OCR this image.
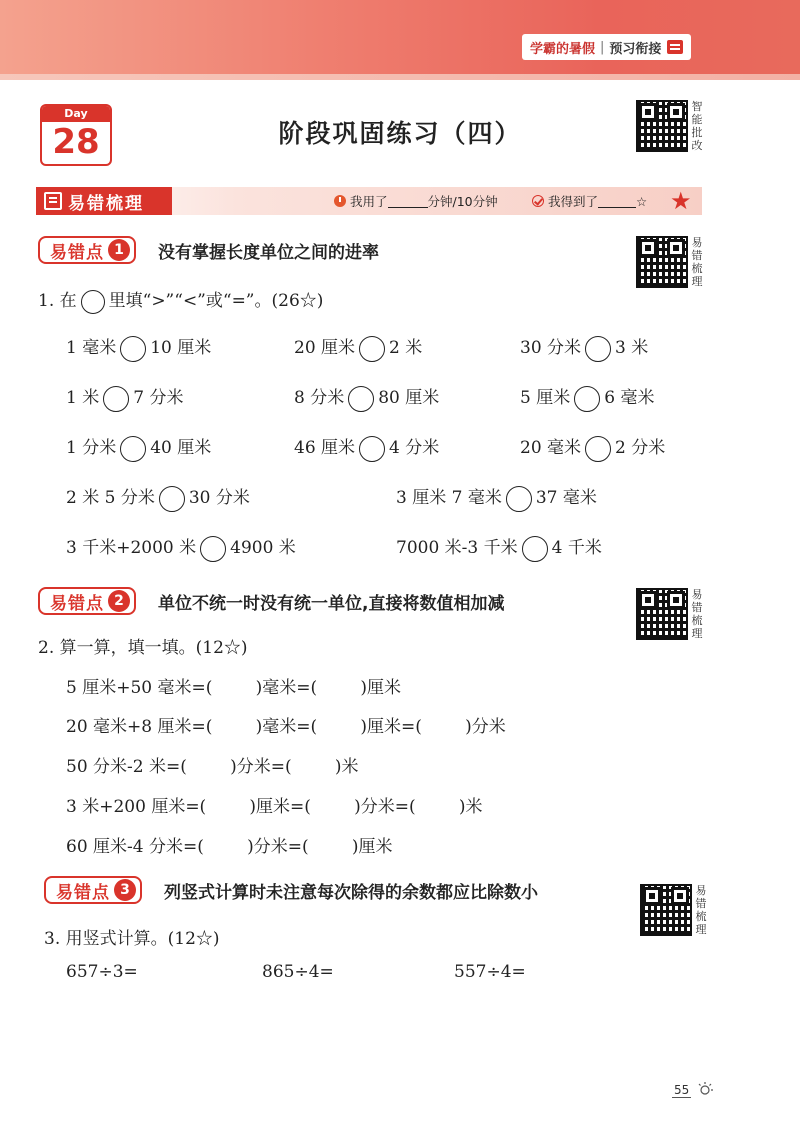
学霸的暑假 | 预习衔接
Day
28	阶段巩固练习（四）
智
能
批
改
易错梳理	我用了	分钟/10分钟	我得到了	☆ ★
易错点 1	没有掌握长度单位之间的进率
易
错
梳
理
1. 在 里填“>”“<”或“=”。(26☆)
1 毫米 10 厘米	20 厘米 2 米	30 分米 3 米
1 米 7 分米	8 分米 80 厘米	5 厘米 6 毫米
1 分米 40 厘米	46 厘米 4 分米	20 毫米 2 分米
2 米 5 分米 30 分米	3 厘米 7 毫米 37 毫米
3 千米+2000 米 4900 米	7000 米-3 千米 4 千米
易错点 2	单位不统一时没有统一单位,直接将数值相加减	易
错
梳
理
2. 算一算，填一填。(12☆)
5 厘米+50 毫米=(        )毫米=(        )厘米
20 毫米+8 厘米=(        )毫米=(        )厘米=(        )分米
50 分米-2 米=(        )分米=(        )米
3 米+200 厘米=(        )厘米=(        )分米=(        )米
60 厘米-4 分米=(        )分米=(        )厘米
易错点 3	列竖式计算时未注意每次除得的余数都应比除数小	易
错
梳
理
3. 用竖式计算。(12☆)
657÷3=	865÷4=	557÷4=
55
